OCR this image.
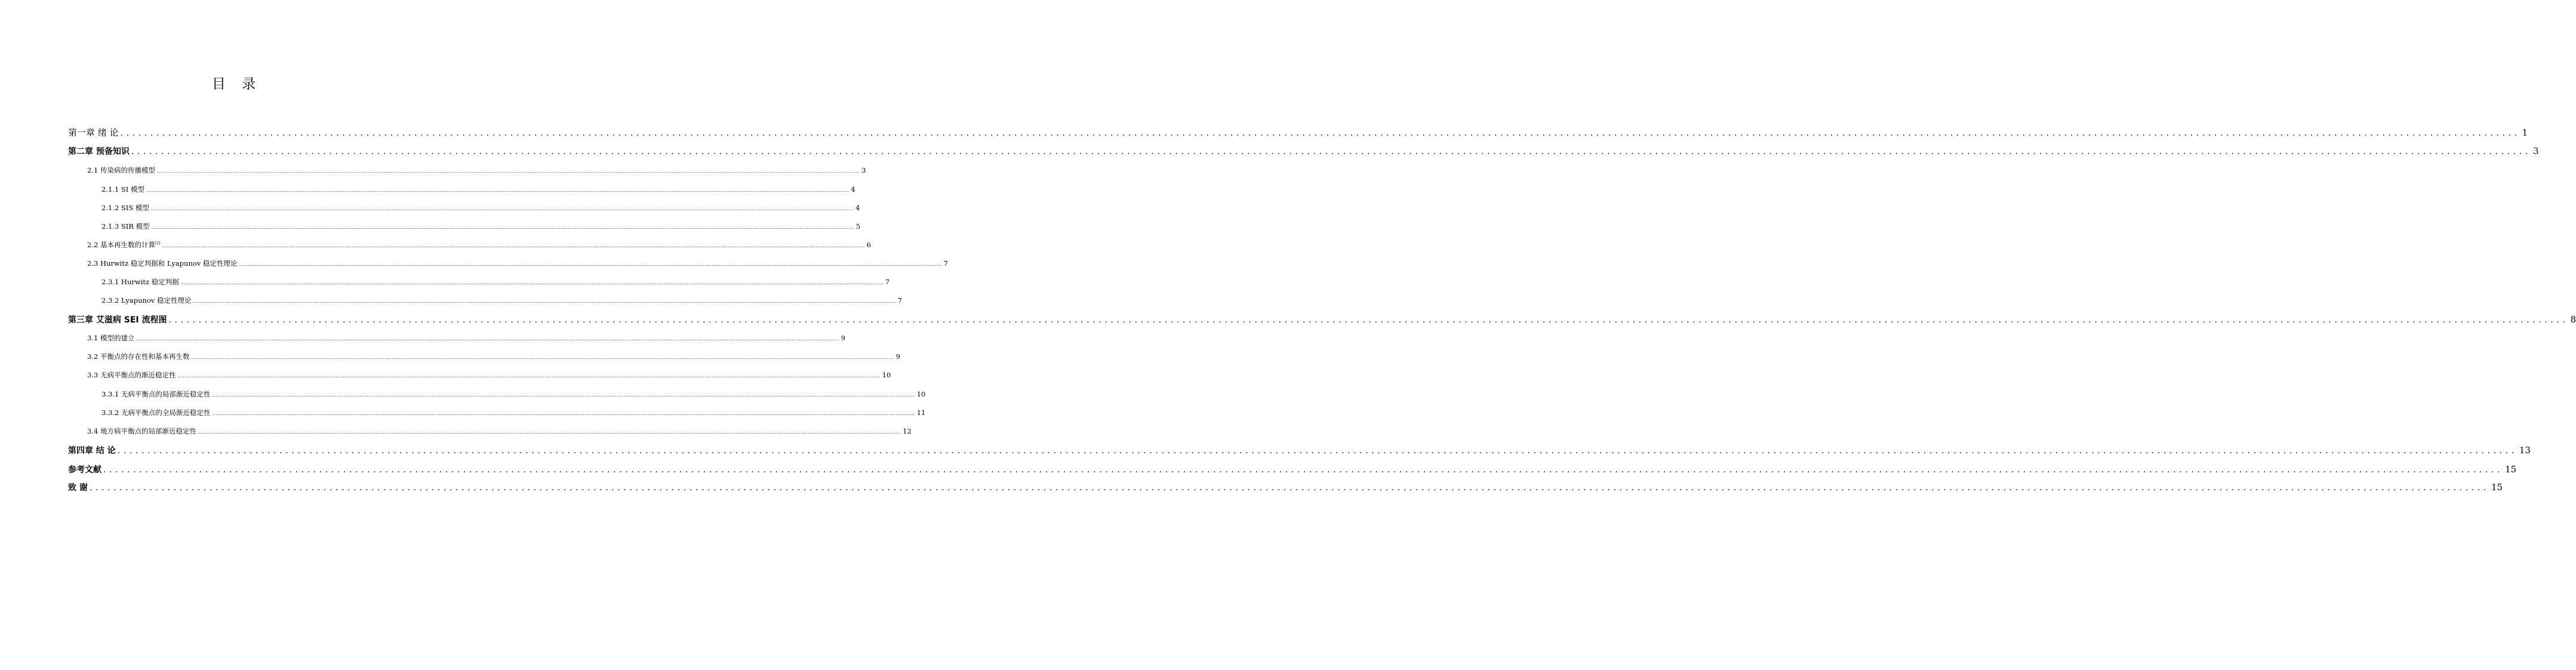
目 录
第一章 绪 论 ................................................................................................................................................................................................................................................................................................................................................................................................................ 1
第二章 预备知识 ................................................................................................................................................................................................................................................................................................................................................................................................................ 3
2.1 传染病的传播模型 ................................................................................................................................................................................................................................................................................................................................................................................................................ 3
2.1.1 SI 模型 ................................................................................................................................................................................................................................................................................................................................................................................................................ 4
2.1.2 SIS 模型 ................................................................................................................................................................................................................................................................................................................................................................................................................ 4
2.1.3 SIR 模型 ................................................................................................................................................................................................................................................................................................................................................................................................................ 5
2.2 基本再生数的计算[2] ................................................................................................................................................................................................................................................................................................................................................................................................................ 6
2.3 Hurwitz 稳定判据和 Lyapunov 稳定性理论 ................................................................................................................................................................................................................................................................................................................................................................................................................ 7
2.3.1 Hurwitz 稳定判据 ................................................................................................................................................................................................................................................................................................................................................................................................................ 7
2.3.2 Lyapunov 稳定性理论 ................................................................................................................................................................................................................................................................................................................................................................................................................ 7
第三章 艾滋病 SEI 流程图 ................................................................................................................................................................................................................................................................................................................................................................................................................ 8
3.1 模型的建立 ................................................................................................................................................................................................................................................................................................................................................................................................................ 9
3.2 平衡点的存在性和基本再生数 ................................................................................................................................................................................................................................................................................................................................................................................................................ 9
3.3 无病平衡点的渐近稳定性 ................................................................................................................................................................................................................................................................................................................................................................................................................ 10
3.3.1 无病平衡点的局部渐近稳定性 ................................................................................................................................................................................................................................................................................................................................................................................................................ 10
3.3.2 无病平衡点的全局渐近稳定性 ................................................................................................................................................................................................................................................................................................................................................................................................................ 11
3.4 地方病平衡点的局部渐近稳定性 ................................................................................................................................................................................................................................................................................................................................................................................................................ 12
第四章 结 论 ................................................................................................................................................................................................................................................................................................................................................................................................................ 13
参考文献 ................................................................................................................................................................................................................................................................................................................................................................................................................ 15
致 谢 ................................................................................................................................................................................................................................................................................................................................................................................................................ 15
